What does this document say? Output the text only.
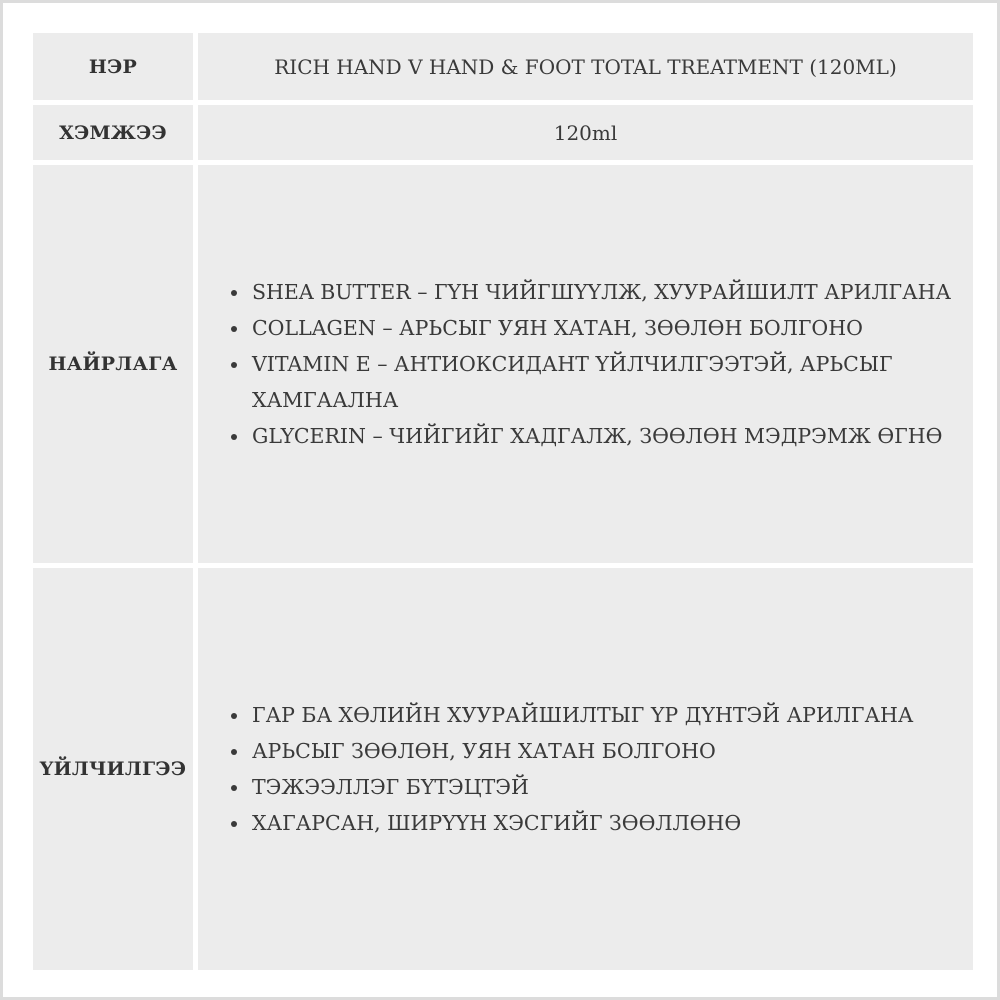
НЭР	RICH HAND V HAND & FOOT TOTAL TREATMENT (120ML)
ХЭМЖЭЭ	120ml
НАЙРЛАГА
• SHEA BUTTER – ГҮН ЧИЙГШҮҮЛЖ, ХУУРАЙШИЛТ АРИЛГАНА
• COLLAGEN – АРЬСЫГ УЯН ХАТАН, ЗӨӨЛӨН БОЛГОНО
• VITAMIN E – АНТИОКСИДАНТ ҮЙЛЧИЛГЭЭТЭЙ, АРЬСЫГ ХАМГААЛНА
• GLYCERIN – ЧИЙГИЙГ ХАДГАЛЖ, ЗӨӨЛӨН МЭДРЭМЖ ӨГНӨ
ҮЙЛЧИЛГЭЭ
• ГАР БА ХӨЛИЙН ХУУРАЙШИЛТЫГ ҮР ДҮНТЭЙ АРИЛГАНА
• АРЬСЫГ ЗӨӨЛӨН, УЯН ХАТАН БОЛГОНО
• ТЭЖЭЭЛЛЭГ БҮТЭЦТЭЙ
• ХАГАРСАН, ШИРҮҮН ХЭСГИЙГ ЗӨӨЛЛӨНӨ
